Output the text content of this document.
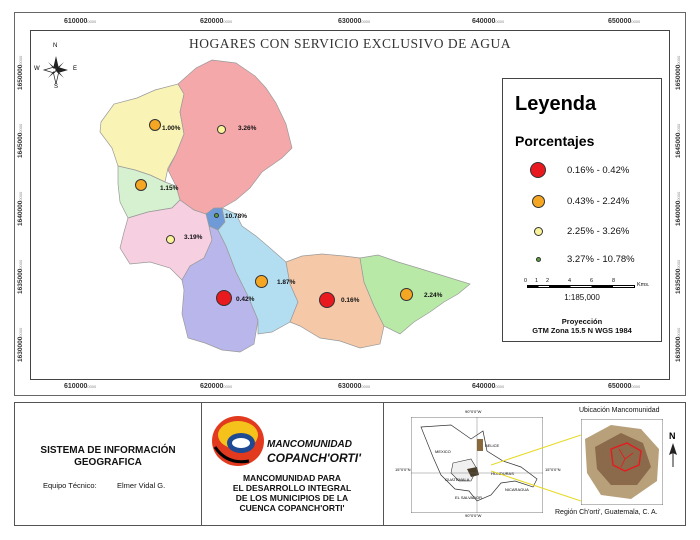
6100000000	6200000000	6300000000	6400000000	6500000000
6100000000	6200000000	6300000000	6400000000	6500000000
16500000000
16450000000
16400000000
16350000000
16300000000
16500000000
16450000000
16400000000
16350000000
16300000000
HOGARES CON SERVICIO EXCLUSIVO DE AGUA
N
S
W	E
1.00%	3.26%
1.15%
10.78%
3.19%
0.42%
1.87%
0.16%
2.24%
Leyenda
Porcentajes
0.16% - 0.42%
0.43% - 2.24%
2.25% - 3.26%
3.27% - 10.78%
0 1 2	4	6	8
Kms.
1:185,000
Proyección
GTM Zona 15.5 N WGS 1984
SISTEMA DE INFORMACIÓN
GEOGRAFICA
Equipo Técnico:	Elmer Vidal G.
MANCOMUNIDAD
COPANCH'ORTI'
MANCOMUNIDAD PARA
EL DESARROLLO INTEGRAL
DE LOS MUNICIPIOS DE LA
CUENCA COPANCH'ORTI'
MEXICO
BELICE
GUATEMALA
HONDURAS
EL SALVADOR
NICARAGUA
90°0'0"W
15°0'0"N	15°0'0"N
90°0'0"W
Ubicación Mancomunidad
N
Región Ch'orti', Guatemala, C. A.
